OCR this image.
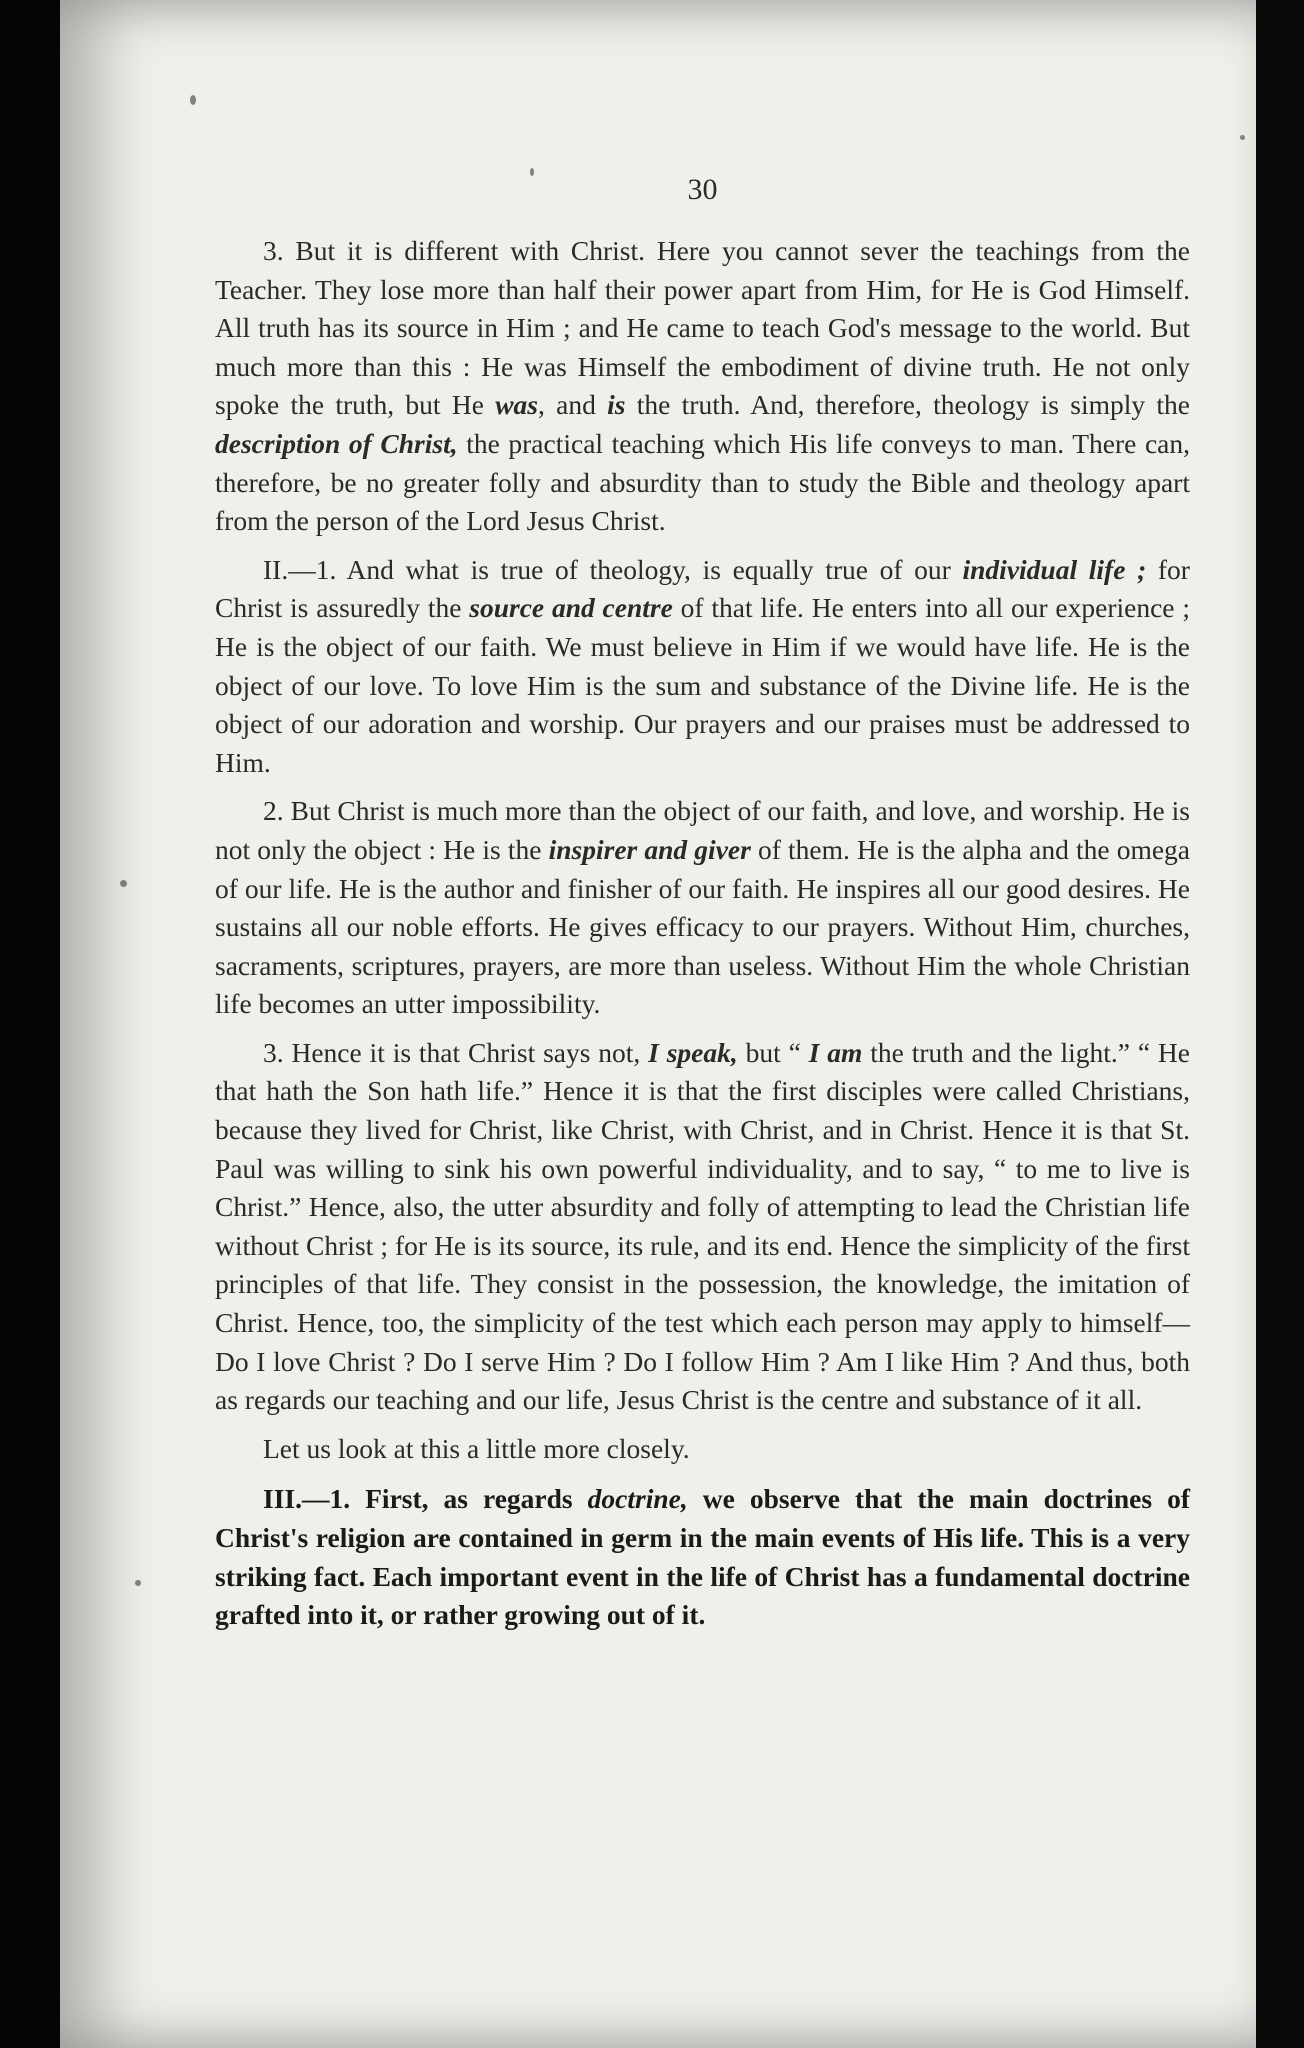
30

3. But it is different with Christ. Here you cannot sever the teachings from the Teacher. They lose more than half their power apart from Him, for He is God Himself. All truth has its source in Him ; and He came to teach God's message to the world. But much more than this : He was Himself the embodiment of divine truth. He not only spoke the truth, but He was, and is the truth. And, therefore, theology is simply the description of Christ, the practical teaching which His life conveys to man. There can, therefore, be no greater folly and absurdity than to study the Bible and theology apart from the person of the Lord Jesus Christ.

II.—1. And what is true of theology, is equally true of our individual life ; for Christ is assuredly the source and centre of that life. He enters into all our experience ; He is the object of our faith. We must believe in Him if we would have life. He is the object of our love. To love Him is the sum and substance of the Divine life. He is the object of our adoration and worship. Our prayers and our praises must be addressed to Him.

2. But Christ is much more than the object of our faith, and love, and worship. He is not only the object : He is the inspirer and giver of them. He is the alpha and the omega of our life. He is the author and finisher of our faith. He inspires all our good desires. He sustains all our noble efforts. He gives efficacy to our prayers. Without Him, churches, sacraments, scriptures, prayers, are more than useless. Without Him the whole Christian life becomes an utter impossibility.

3. Hence it is that Christ says not, I speak, but “ I am the truth and the light.” “ He that hath the Son hath life.” Hence it is that the first disciples were called Christians, because they lived for Christ, like Christ, with Christ, and in Christ. Hence it is that St. Paul was willing to sink his own powerful individuality, and to say, “ to me to live is Christ.” Hence, also, the utter absurdity and folly of attempting to lead the Christian life without Christ ; for He is its source, its rule, and its end. Hence the simplicity of the first principles of that life. They consist in the possession, the knowledge, the imitation of Christ. Hence, too, the simplicity of the test which each person may apply to himself—Do I love Christ ? Do I serve Him ? Do I follow Him ? Am I like Him ? And thus, both as regards our teaching and our life, Jesus Christ is the centre and substance of it all.

Let us look at this a little more closely.

III.—1. First, as regards doctrine, we observe that the main doctrines of Christ's religion are contained in germ in the main events of His life. This is a very striking fact. Each important event in the life of Christ has a fundamental doctrine grafted into it, or rather growing out of it.
